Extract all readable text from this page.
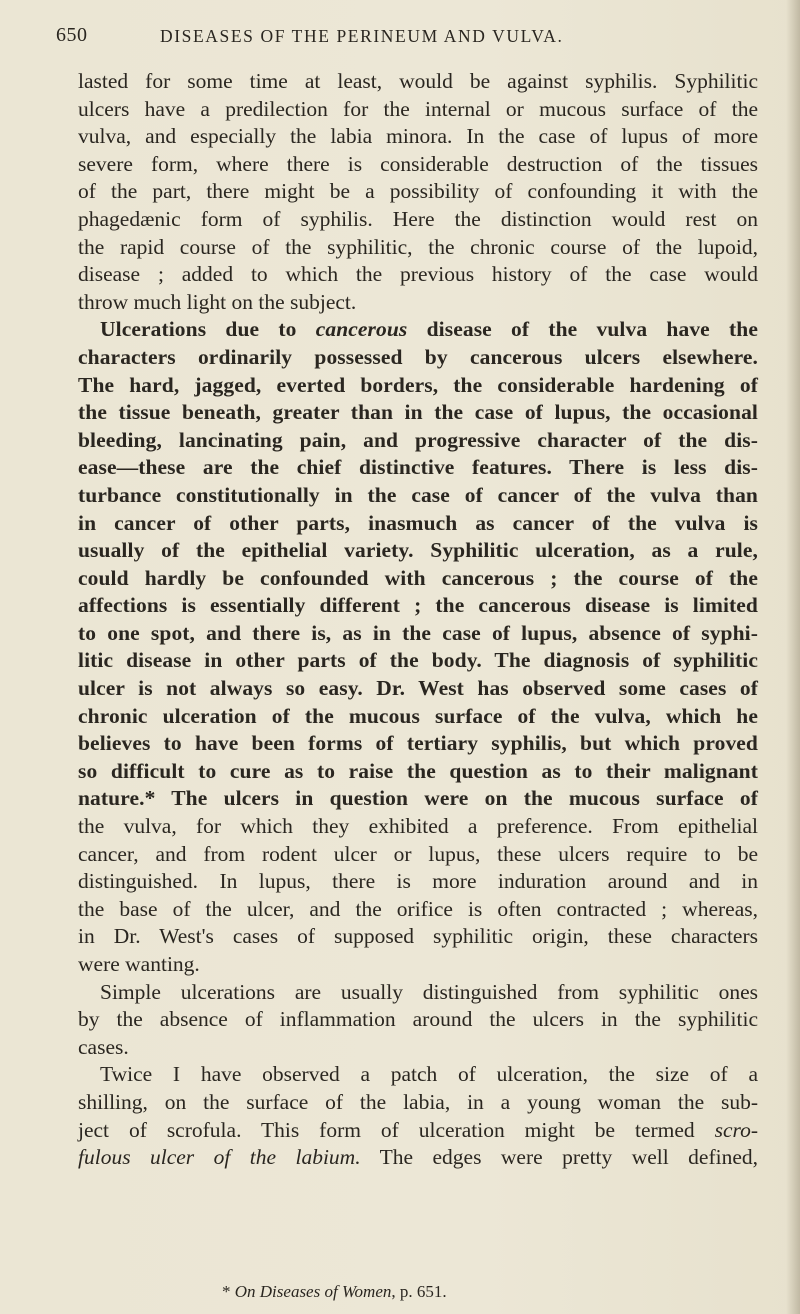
650	DISEASES OF THE PERINEUM AND VULVA.
lasted for some time at least, would be against syphilis. Syphilitic
ulcers have a predilection for the internal or mucous surface of the
vulva, and especially the labia minora. In the case of lupus of more
severe form, where there is considerable destruction of the tissues
of the part, there might be a possibility of confounding it with the
phagedænic form of syphilis. Here the distinction would rest on
the rapid course of the syphilitic, the chronic course of the lupoid,
disease ; added to which the previous history of the case would
throw much light on the subject.
Ulcerations due to cancerous disease of the vulva have the
characters ordinarily possessed by cancerous ulcers elsewhere.
The hard, jagged, everted borders, the considerable hardening of
the tissue beneath, greater than in the case of lupus, the occasional
bleeding, lancinating pain, and progressive character of the dis-
ease—these are the chief distinctive features. There is less dis-
turbance constitutionally in the case of cancer of the vulva than
in cancer of other parts, inasmuch as cancer of the vulva is
usually of the epithelial variety. Syphilitic ulceration, as a rule,
could hardly be confounded with cancerous ; the course of the
affections is essentially different ; the cancerous disease is limited
to one spot, and there is, as in the case of lupus, absence of syphi-
litic disease in other parts of the body. The diagnosis of syphilitic
ulcer is not always so easy. Dr. West has observed some cases of
chronic ulceration of the mucous surface of the vulva, which he
believes to have been forms of tertiary syphilis, but which proved
so difficult to cure as to raise the question as to their malignant
nature.* The ulcers in question were on the mucous surface of
the vulva, for which they exhibited a preference. From epithelial
cancer, and from rodent ulcer or lupus, these ulcers require to be
distinguished. In lupus, there is more induration around and in
the base of the ulcer, and the orifice is often contracted ; whereas,
in Dr. West's cases of supposed syphilitic origin, these characters
were wanting.
Simple ulcerations are usually distinguished from syphilitic ones
by the absence of inflammation around the ulcers in the syphilitic
cases.
Twice I have observed a patch of ulceration, the size of a
shilling, on the surface of the labia, in a young woman the sub-
ject of scrofula. This form of ulceration might be termed scro-
fulous ulcer of the labium. The edges were pretty well defined,
* On Diseases of Women, p. 651.
